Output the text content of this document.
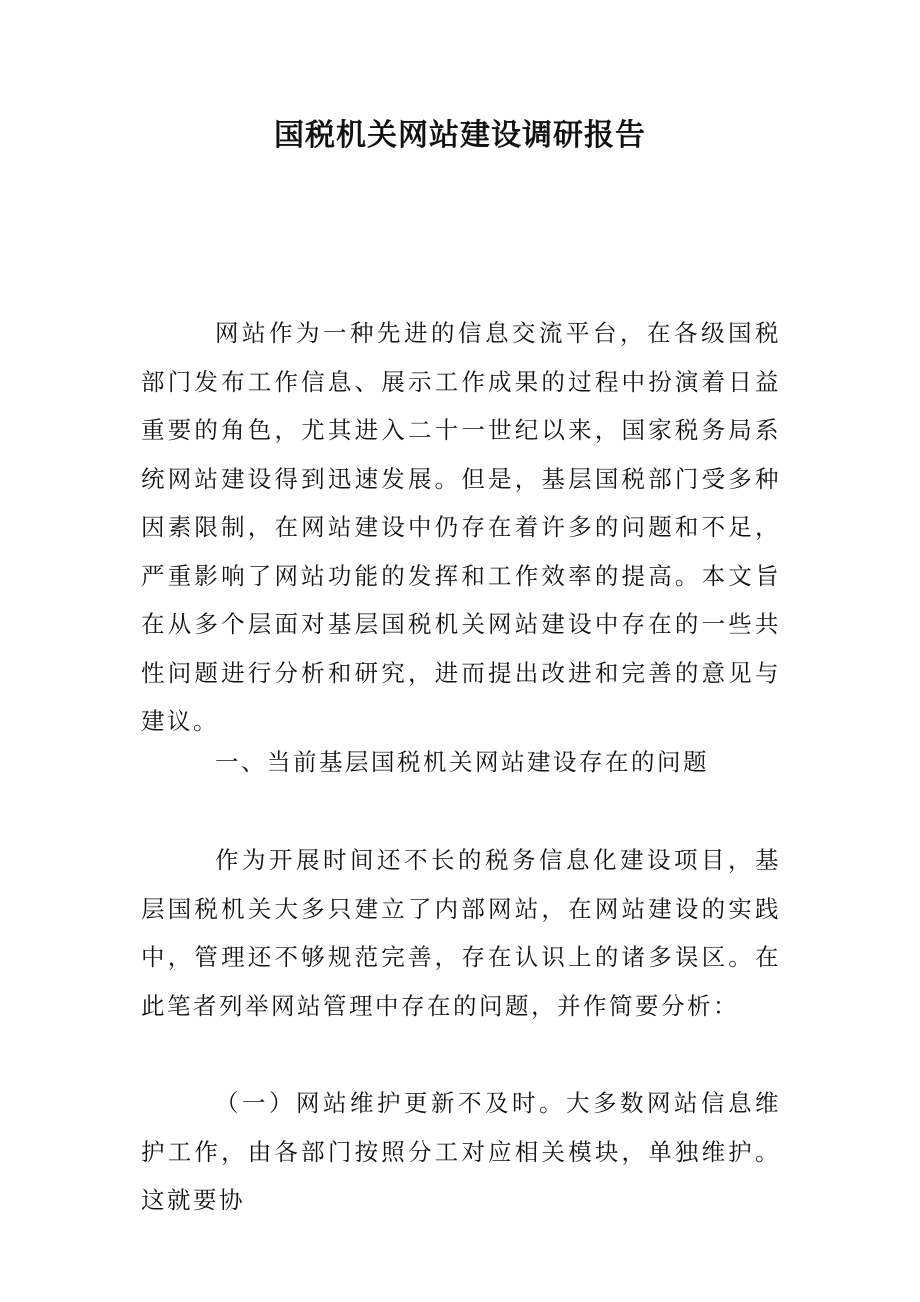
国税机关网站建设调研报告
网站作为一种先进的信息交流平台，在各级国税部门发布工作信息、展示工作成果的过程中扮演着日益重要的角色，尤其进入二十一世纪以来，国家税务局系统网站建设得到迅速发展。但是，基层国税部门受多种因素限制，在网站建设中仍存在着许多的问题和不足，严重影响了网站功能的发挥和工作效率的提高。本文旨在从多个层面对基层国税机关网站建设中存在的一些共性问题进行分析和研究，进而提出改进和完善的意见与建议。
一、当前基层国税机关网站建设存在的问题
作为开展时间还不长的税务信息化建设项目，基层国税机关大多只建立了内部网站，在网站建设的实践中，管理还不够规范完善，存在认识上的诸多误区。在此笔者列举网站管理中存在的问题，并作简要分析：
（一）网站维护更新不及时。大多数网站信息维护工作，由各部门按照分工对应相关模块，单独维护。这就要协
